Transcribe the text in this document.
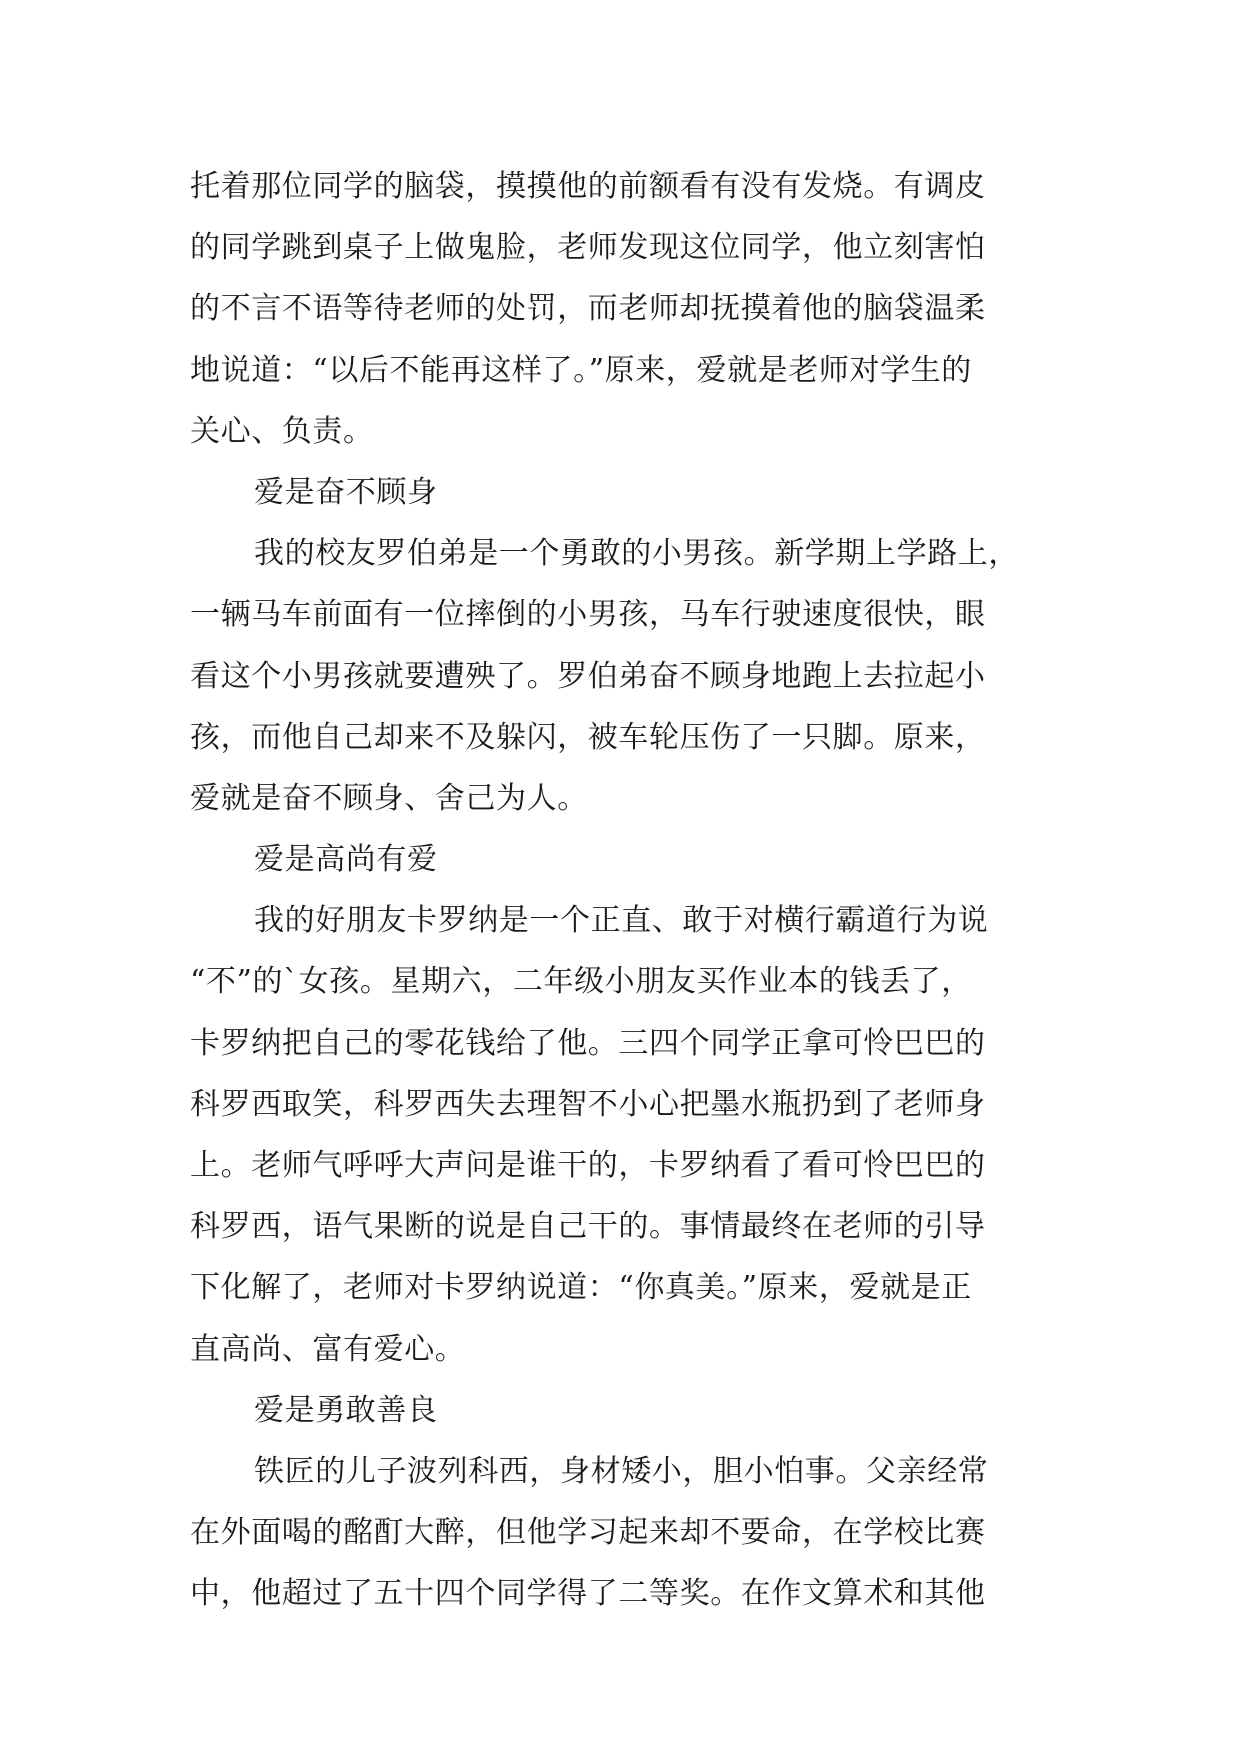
托着那位同学的脑袋，摸摸他的前额看有没有发烧。有调皮
的同学跳到桌子上做鬼脸，老师发现这位同学，他立刻害怕
的不言不语等待老师的处罚，而老师却抚摸着他的脑袋温柔
地说道：“以后不能再这样了。”原来，爱就是老师对学生的
关心、负责。
爱是奋不顾身
我的校友罗伯弟是一个勇敢的小男孩。新学期上学路上，
一辆马车前面有一位摔倒的小男孩，马车行驶速度很快，眼
看这个小男孩就要遭殃了。罗伯弟奋不顾身地跑上去拉起小
孩，而他自己却来不及躲闪，被车轮压伤了一只脚。原来，
爱就是奋不顾身、舍己为人。
爱是高尚有爱
我的好朋友卡罗纳是一个正直、敢于对横行霸道行为说
“不”的`女孩。星期六，二年级小朋友买作业本的钱丢了，
卡罗纳把自己的零花钱给了他。三四个同学正拿可怜巴巴的
科罗西取笑，科罗西失去理智不小心把墨水瓶扔到了老师身
上。老师气呼呼大声问是谁干的，卡罗纳看了看可怜巴巴的
科罗西，语气果断的说是自己干的。事情最终在老师的引导
下化解了，老师对卡罗纳说道：“你真美。”原来，爱就是正
直高尚、富有爱心。
爱是勇敢善良
铁匠的儿子波列科西，身材矮小，胆小怕事。父亲经常
在外面喝的酩酊大醉，但他学习起来却不要命，在学校比赛
中，他超过了五十四个同学得了二等奖。在作文算术和其他
